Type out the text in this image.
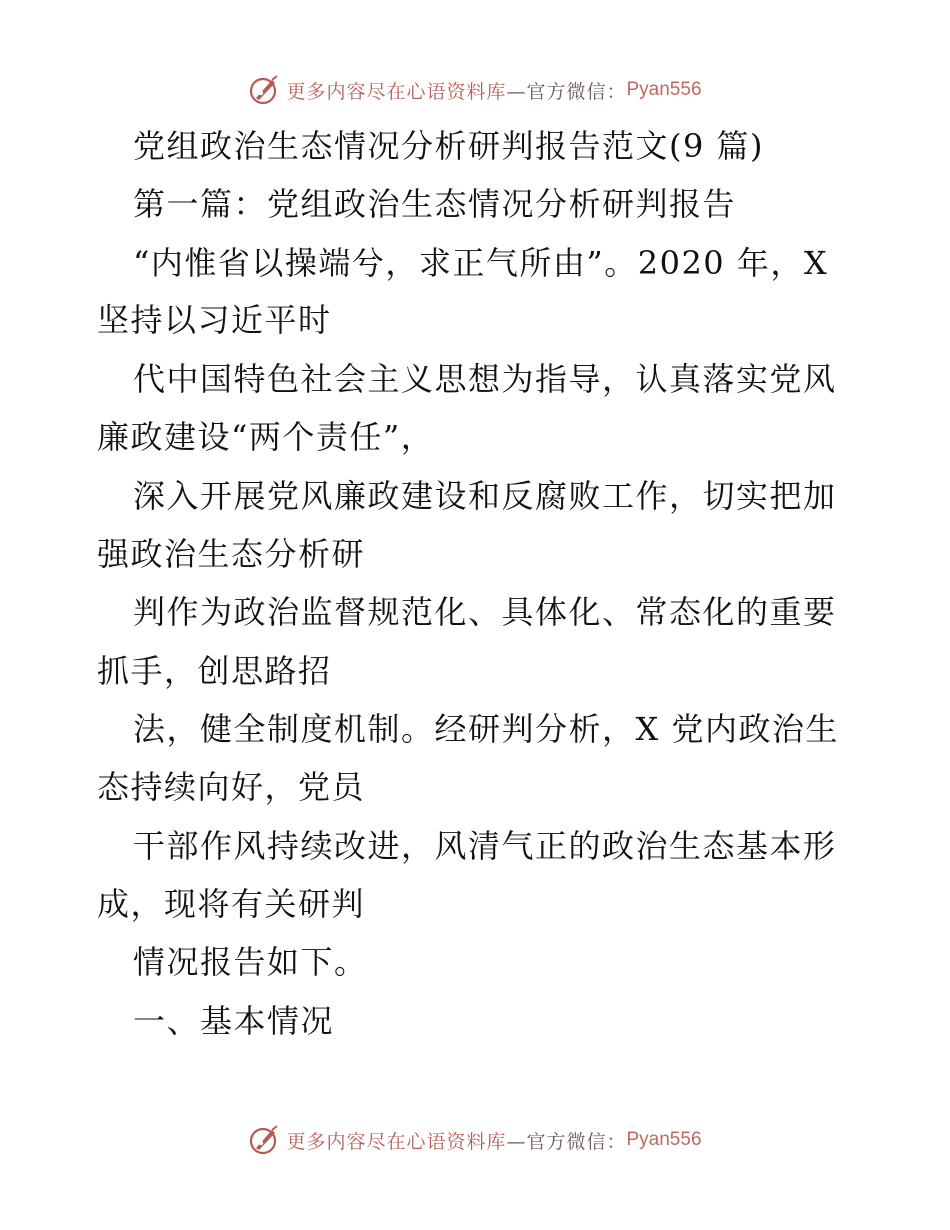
更多内容尽在心语资料库 —官方微信： Pyan556
党组政治生态情况分析研判报告范文(9 篇)
第一篇：党组政治生态情况分析研判报告
“内惟省以操端兮，求正气所由”。2020 年，X
坚持以习近平时
代中国特色社会主义思想为指导，认真落实党风
廉政建设“两个责任”，
深入开展党风廉政建设和反腐败工作，切实把加
强政治生态分析研
判作为政治监督规范化、具体化、常态化的重要
抓手，创思路招
法，健全制度机制。经研判分析，X 党内政治生
态持续向好，党员
干部作风持续改进，风清气正的政治生态基本形
成，现将有关研判
情况报告如下。
一、基本情况
更多内容尽在心语资料库 —官方微信： Pyan556
